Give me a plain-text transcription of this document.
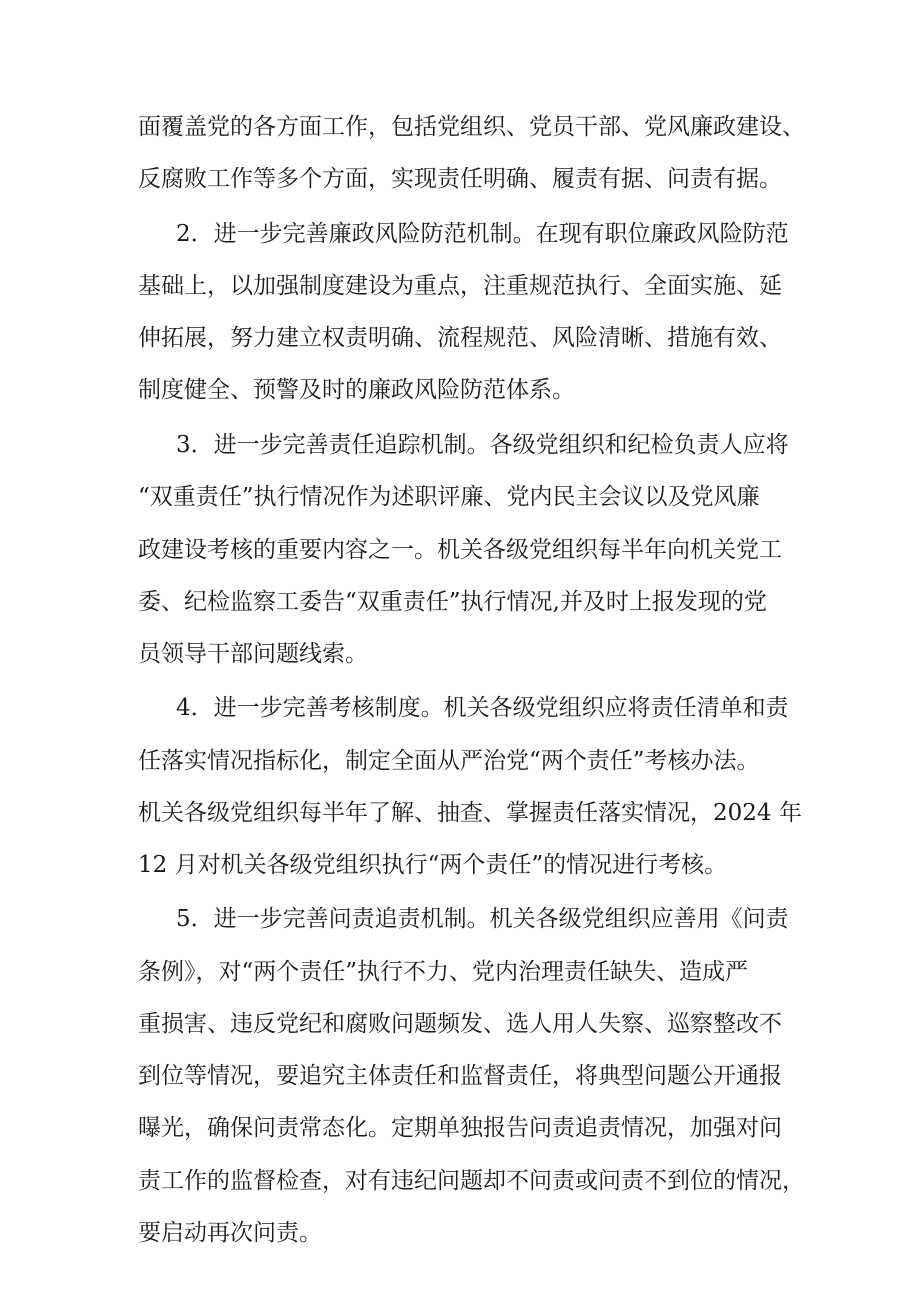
面覆盖党的各方面工作，包括党组织、党员干部、党风廉政建设、
反腐败工作等多个方面，实现责任明确、履责有据、问责有据。
2．进一步完善廉政风险防范机制。在现有职位廉政风险防范
基础上，以加强制度建设为重点，注重规范执行、全面实施、延
伸拓展，努力建立权责明确、流程规范、风险清晰、措施有效、
制度健全、预警及时的廉政风险防范体系。
3．进一步完善责任追踪机制。各级党组织和纪检负责人应将
“双重责任”执行情况作为述职评廉、党内民主会议以及党风廉
政建设考核的重要内容之一。机关各级党组织每半年向机关党工
委、纪检监察工委告“双重责任”执行情况,并及时上报发现的党
员领导干部问题线索。
4．进一步完善考核制度。机关各级党组织应将责任清单和责
任落实情况指标化，制定全面从严治党“两个责任”考核办法。
机关各级党组织每半年了解、抽查、掌握责任落实情况，2024 年
12 月对机关各级党组织执行“两个责任”的情况进行考核。
5．进一步完善问责追责机制。机关各级党组织应善用《问责
条例》，对“两个责任”执行不力、党内治理责任缺失、造成严
重损害、违反党纪和腐败问题频发、选人用人失察、巡察整改不
到位等情况，要追究主体责任和监督责任，将典型问题公开通报
曝光，确保问责常态化。定期单独报告问责追责情况，加强对问
责工作的监督检查，对有违纪问题却不问责或问责不到位的情况，
要启动再次问责。
